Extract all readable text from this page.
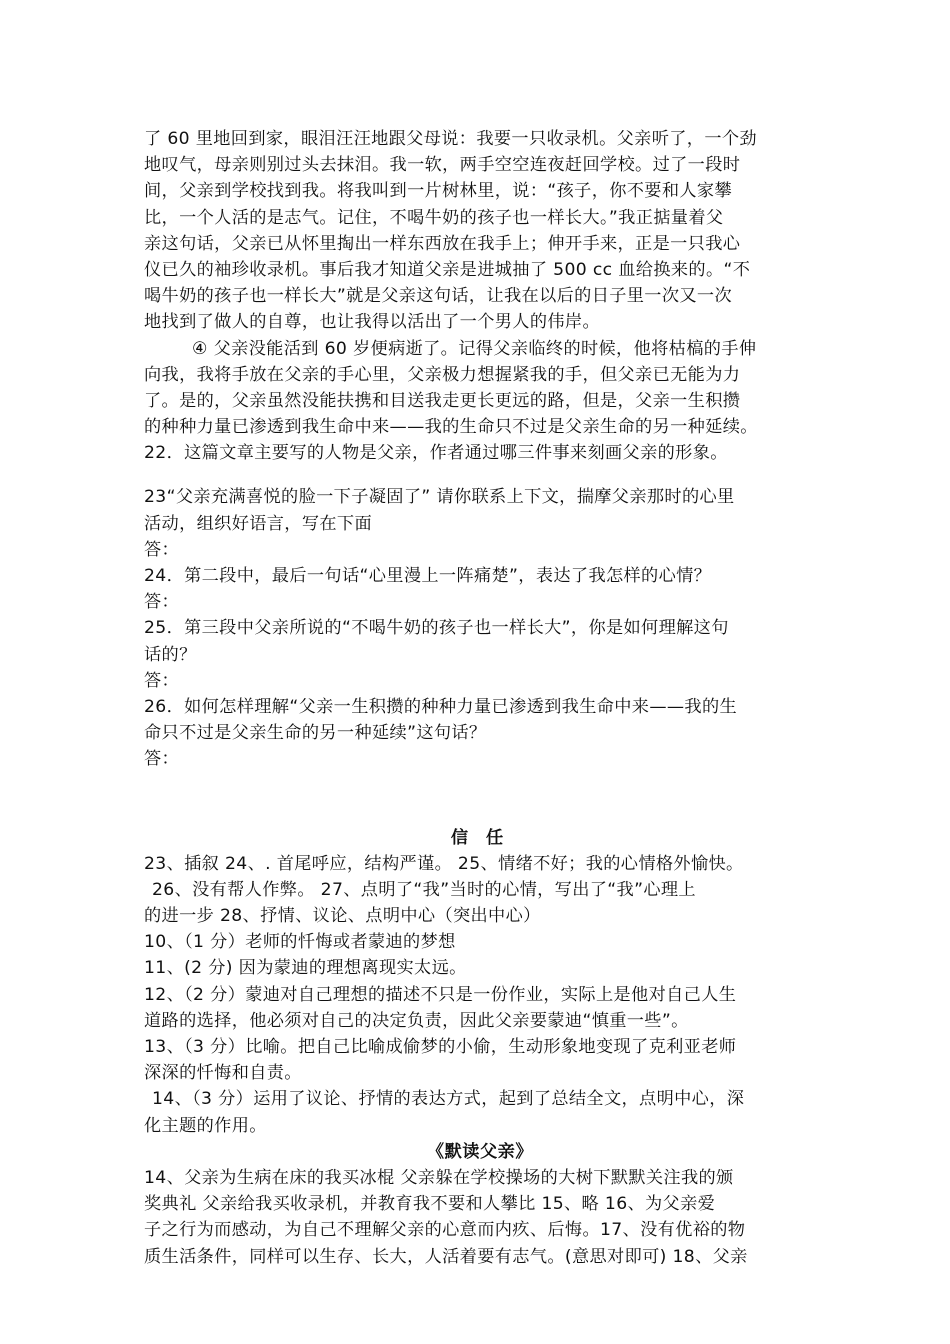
了 60 里地回到家，眼泪汪汪地跟父母说：我要一只收录机。父亲听了，一个劲
地叹气，母亲则别过头去抹泪。我一软，两手空空连夜赶回学校。过了一段时
间，父亲到学校找到我。将我叫到一片树林里，说：“孩子，你不要和人家攀
比，一个人活的是志气。记住，不喝牛奶的孩子也一样长大。”我正掂量着父
亲这句话，父亲已从怀里掏出一样东西放在我手上；伸开手来，正是一只我心
仪已久的袖珍收录机。事后我才知道父亲是进城抽了 500 cc 血给换来的。“不
喝牛奶的孩子也一样长大”就是父亲这句话，让我在以后的日子里一次又一次
地找到了做人的自尊，也让我得以活出了一个男人的伟岸。
④ 父亲没能活到 60 岁便病逝了。记得父亲临终的时候，他将枯槁的手伸
向我，我将手放在父亲的手心里，父亲极力想握紧我的手，但父亲已无能为力
了。是的，父亲虽然没能扶携和目送我走更长更远的路，但是，父亲一生积攒
的种种力量已渗透到我生命中来——我的生命只不过是父亲生命的另一种延续。
22．这篇文章主要写的人物是父亲，作者通过哪三件事来刻画父亲的形象。
23“父亲充满喜悦的脸一下子凝固了” 请你联系上下文，揣摩父亲那时的心里
活动，组织好语言，写在下面
答：
24．第二段中，最后一句话“心里漫上一阵痛楚”，表达了我怎样的心情？
答：
25．第三段中父亲所说的“不喝牛奶的孩子也一样长大”，你是如何理解这句
话的？
答：
26．如何怎样理解“父亲一生积攒的种种力量已渗透到我生命中来——我的生
命只不过是父亲生命的另一种延续”这句话？
答：
信 任
23、插叙 24、. 首尾呼应，结构严谨。 25、情绪不好；我的心情格外愉快。
26、没有帮人作弊。 27、点明了“我”当时的心情，写出了“我”心理上
的进一步 28、抒情、议论、点明中心（突出中心）
10、（1 分）老师的忏悔或者蒙迪的梦想
11、(2 分) 因为蒙迪的理想离现实太远。
12、（2 分）蒙迪对自己理想的描述不只是一份作业，实际上是他对自己人生
道路的选择，他必须对自己的决定负责，因此父亲要蒙迪“慎重一些”。
13、（3 分）比喻。把自己比喻成偷梦的小偷，生动形象地变现了克利亚老师
深深的忏悔和自责。
14、（3 分）运用了议论、抒情的表达方式，起到了总结全文，点明中心，深
化主题的作用。
《默读父亲》
14、父亲为生病在床的我买冰棍 父亲躲在学校操场的大树下默默关注我的颁
奖典礼 父亲给我买收录机，并教育我不要和人攀比 15、略 16、为父亲爱
子之行为而感动，为自己不理解父亲的心意而内疚、后悔。17、没有优裕的物
质生活条件，同样可以生存、长大，人活着要有志气。(意思对即可) 18、父亲
